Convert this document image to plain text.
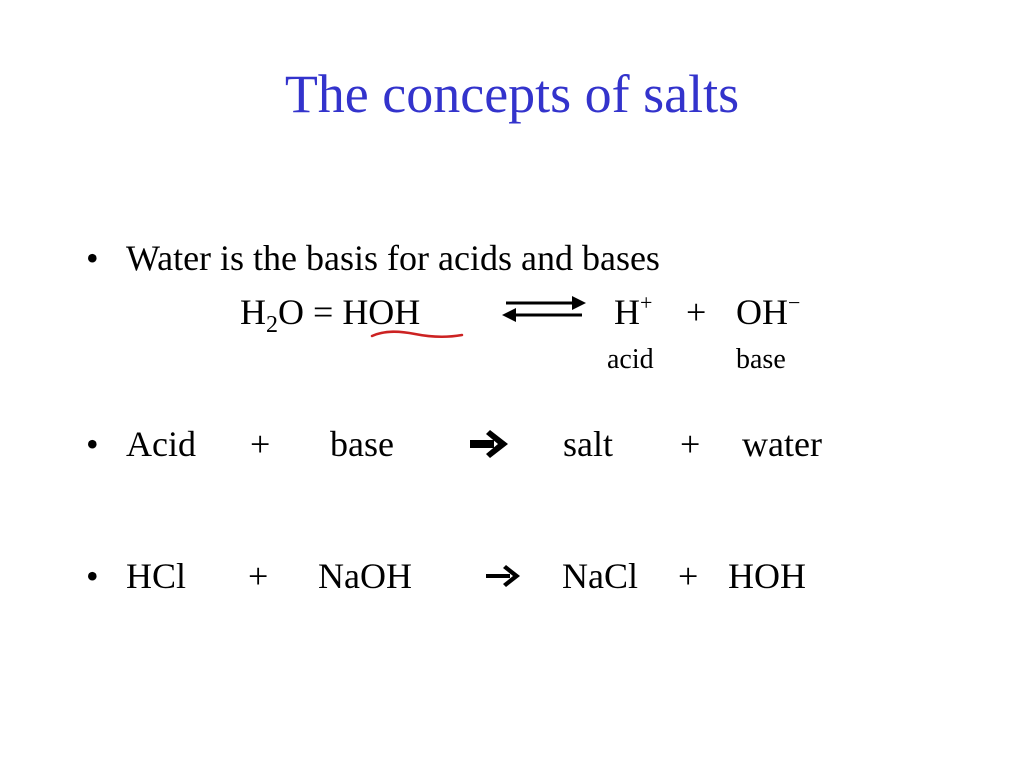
The concepts of salts
• Water is the basis for acids and bases
$H_2O$ = HOH	H+ + OH−
acid	base
• Acid + base	salt + water
• HCl + NaOH	NaCl + HOH
